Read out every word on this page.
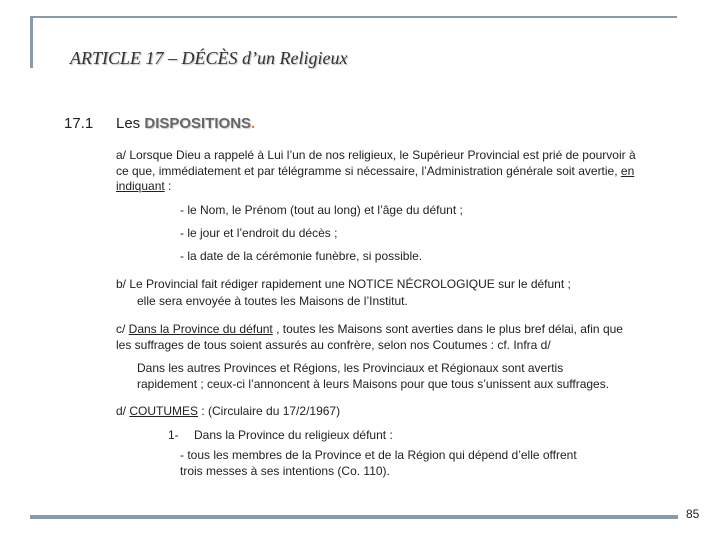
ARTICLE 17 – DÉCÈS d’un Religieux
17.1 Les DISPOSITIONS.
a/ Lorsque Dieu a rappelé à Lui l’un de nos religieux, le Supérieur Provincial est prié de pourvoir à
ce que, immédiatement et par télégramme si nécessaire, l’Administration générale soit avertie, en
indiquant :
- le Nom, le Prénom (tout au long) et l’âge du défunt ;
- le jour et l’endroit du décès ;
- la date de la cérémonie funèbre, si possible.
b/ Le Provincial fait rédiger rapidement une NOTICE NÉCROLOGIQUE sur le défunt ;
elle sera envoyée à toutes les Maisons de l’Institut.
c/ Dans la Province du défunt , toutes les Maisons sont averties dans le plus bref délai, afin que
les suffrages de tous soient assurés au confrère, selon nos Coutumes : cf. Infra d/
Dans les autres Provinces et Régions, les Provinciaux et Régionaux sont avertis
rapidement ; ceux-ci l’annoncent à leurs Maisons pour que tous s’unissent aux suffrages.
d/ COUTUMES : (Circulaire du 17/2/1967)
1- Dans la Province du religieux défunt :
- tous les membres de la Province et de la Région qui dépend d’elle offrent
trois messes à ses intentions (Co. 110).
85
